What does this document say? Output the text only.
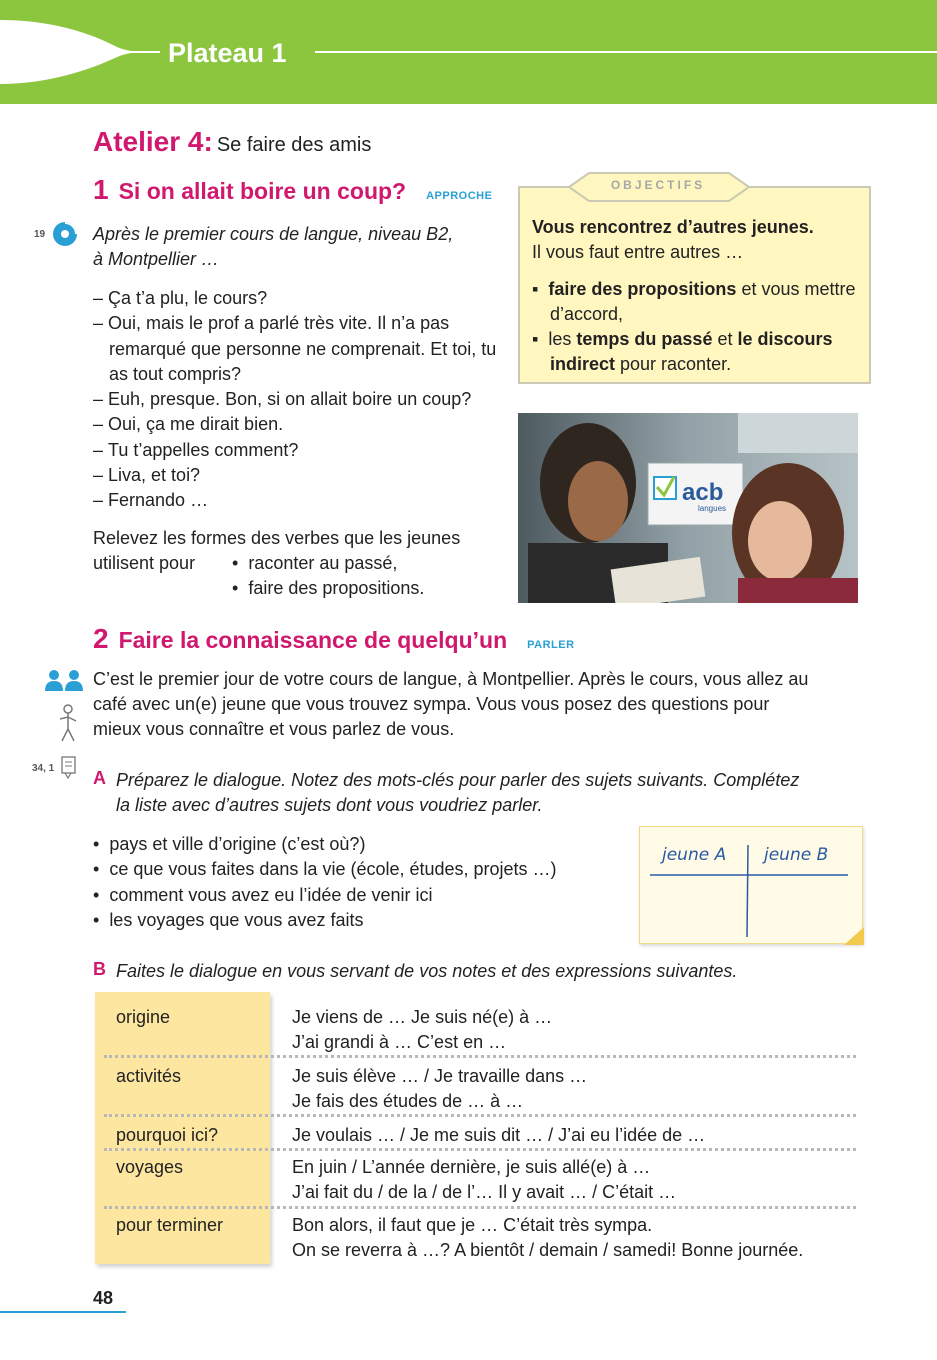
Plateau 1
Atelier 4: Se faire des amis
1 Si on allait boire un coup? APPROCHE
19	Après le premier cours de langue, niveau B2,
à Montpellier …
– Ça t’a plu, le cours?
– Oui, mais le prof a parlé très vite. Il n’a pas remarqué que personne ne comprenait. Et toi, tu as tout compris?
– Euh, presque. Bon, si on allait boire un coup?
– Oui, ça me dirait bien.
– Tu t’appelles comment?
– Liva, et toi?
– Fernando …
Relevez les formes des verbes que les jeunes
utilisent pour
•	raconter au passé,
•  faire des propositions.
OBJECTIFS
Vous rencontrez d’autres jeunes.
Il vous faut entre autres …
▪  faire des propositions et vous mettre d’accord,
▪  les temps du passé et le discours indirect pour raconter.
acb
langues
2 Faire la connaissance de quelqu’un PARLER
34, 1
C’est le premier jour de votre cours de langue, à Montpellier. Après le cours, vous allez au café avec un(e) jeune que vous trouvez sympa. Vous vous posez des questions pour mieux vous connaître et vous parlez de vous.
A Préparez le dialogue. Notez des mots-clés pour parler des sujets suivants. Complétez la liste avec d’autres sujets dont vous voudriez parler.
•  pays et ville d’origine (c’est où?)
•  ce que vous faites dans la vie (école, études, projets …)
•  comment vous avez eu l’idée de venir ici
•  les voyages que vous avez faits
jeune A jeune B
B Faites le dialogue en vous servant de vos notes et des expressions suivantes.
origine	Je viens de … Je suis né(e) à …
J’ai grandi à … C’est en …
activités	Je suis élève … / Je travaille dans …
Je fais des études de … à …
pourquoi ici?	Je voulais … / Je me suis dit … / J’ai eu l’idée de …
voyages	En juin / L’année dernière, je suis allé(e) à …
J’ai fait du / de la / de l’… Il y avait … / C’était …
pour terminer	Bon alors, il faut que je … C’était très sympa.
On se reverra à …? A bientôt / demain / samedi! Bonne journée.
48
